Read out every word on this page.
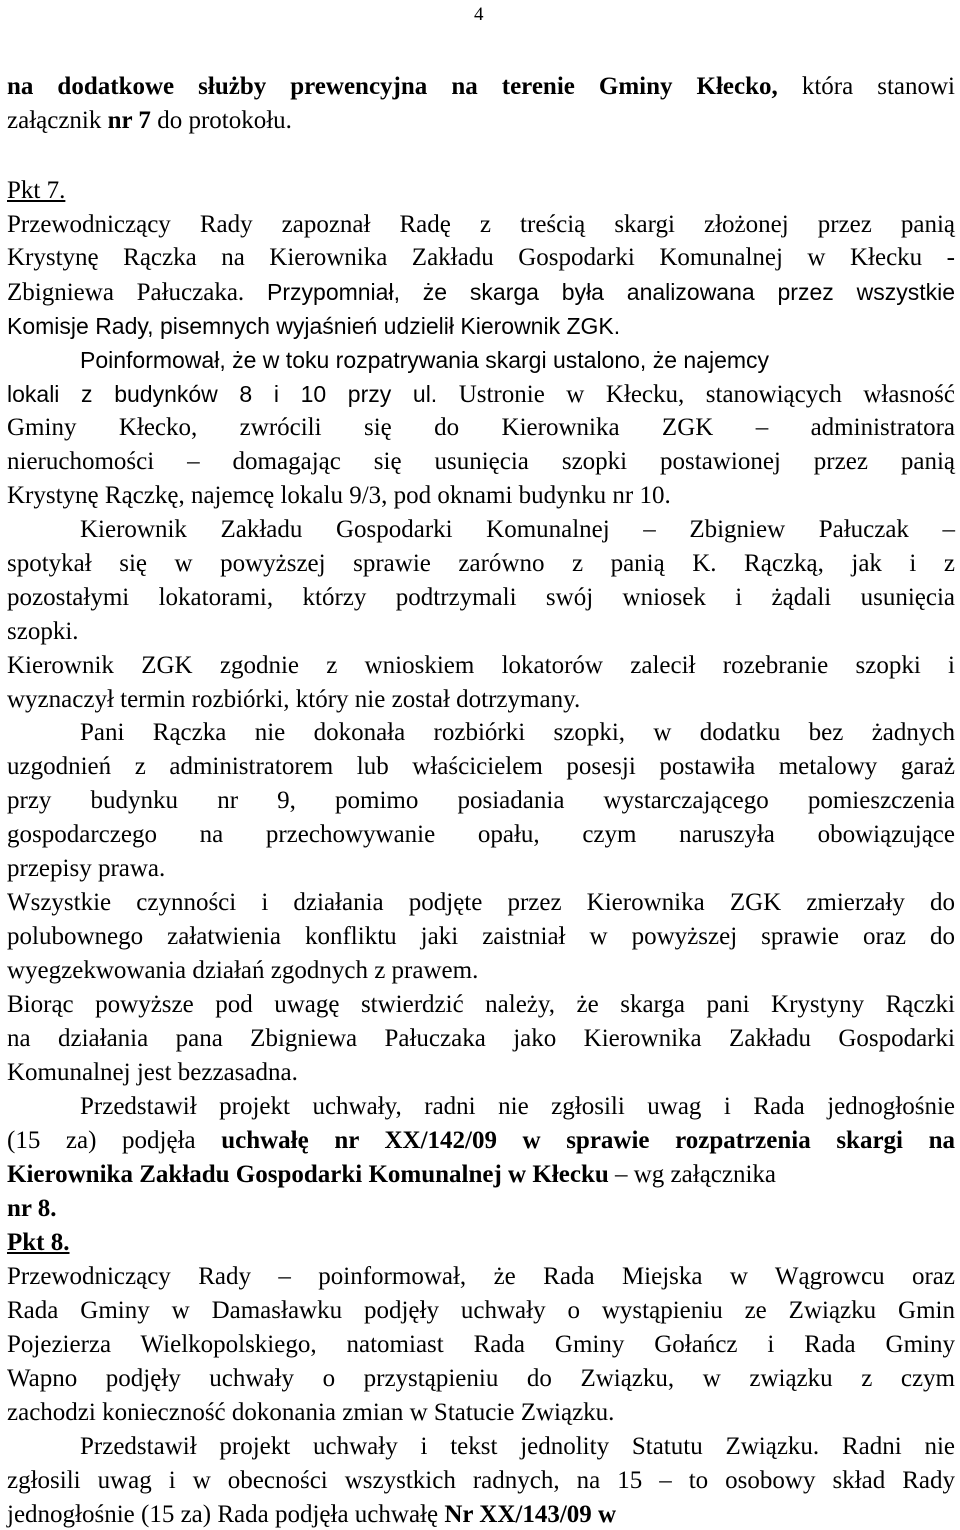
4
na dodatkowe służby prewencyjna na terenie Gminy Kłecko, która stanowi
załącznik nr 7 do protokołu.
Pkt 7.
Przewodniczący Rady zapoznał Radę z treścią skargi złożonej przez panią
Krystynę Rączka na Kierownika Zakładu Gospodarki Komunalnej w Kłecku -
Zbigniewa Pałuczaka. Przypomniał, że skarga była analizowana przez wszystkie
Komisje Rady, pisemnych wyjaśnień udzielił Kierownik ZGK.
Poinformował, że w toku rozpatrywania skargi ustalono, że najemcy
lokali z budynków 8 i 10 przy ul. Ustronie w Kłecku, stanowiących własność
Gminy Kłecko, zwrócili się do Kierownika ZGK – administratora
nieruchomości – domagając się usunięcia szopki postawionej przez panią
Krystynę Rączkę, najemcę lokalu 9/3, pod oknami budynku nr 10.
Kierownik Zakładu Gospodarki Komunalnej – Zbigniew Pałuczak –
spotykał się w powyższej sprawie zarówno z panią K. Rączką, jak i z
pozostałymi lokatorami, którzy podtrzymali swój wniosek i żądali usunięcia
szopki.
Kierownik ZGK zgodnie z wnioskiem lokatorów zalecił rozebranie szopki i
wyznaczył termin rozbiórki, który nie został dotrzymany.
Pani Rączka nie dokonała rozbiórki szopki, w dodatku bez żadnych
uzgodnień z administratorem lub właścicielem posesji postawiła metalowy garaż
przy budynku nr 9, pomimo posiadania wystarczającego pomieszczenia
gospodarczego na przechowywanie opału, czym naruszyła obowiązujące
przepisy prawa.
Wszystkie czynności i działania podjęte przez Kierownika ZGK zmierzały do
polubownego załatwienia konfliktu jaki zaistniał w powyższej sprawie oraz do
wyegzekwowania działań zgodnych z prawem.
Biorąc powyższe pod uwagę stwierdzić należy, że skarga pani Krystyny Rączki
na działania pana Zbigniewa Pałuczaka jako Kierownika Zakładu Gospodarki
Komunalnej jest bezzasadna.
Przedstawił projekt uchwały, radni nie zgłosili uwag i Rada jednogłośnie
(15 za) podjęła uchwałę nr XX/142/09 w sprawie rozpatrzenia skargi na
Kierownika Zakładu Gospodarki Komunalnej w Kłecku – wg załącznika
nr 8.
Pkt 8.
Przewodniczący Rady – poinformował, że Rada Miejska w Wągrowcu oraz
Rada Gminy w Damasławku podjęły uchwały o wystąpieniu ze Związku Gmin
Pojezierza Wielkopolskiego, natomiast Rada Gminy Gołańcz i Rada Gminy
Wapno podjęły uchwały o przystąpieniu do Związku, w związku z czym
zachodzi konieczność dokonania zmian w Statucie Związku.
Przedstawił projekt uchwały i tekst jednolity Statutu Związku. Radni nie
zgłosili uwag i w obecności wszystkich radnych, na 15 – to osobowy skład Rady
jednogłośnie (15 za) Rada podjęła uchwałę Nr XX/143/09 w
